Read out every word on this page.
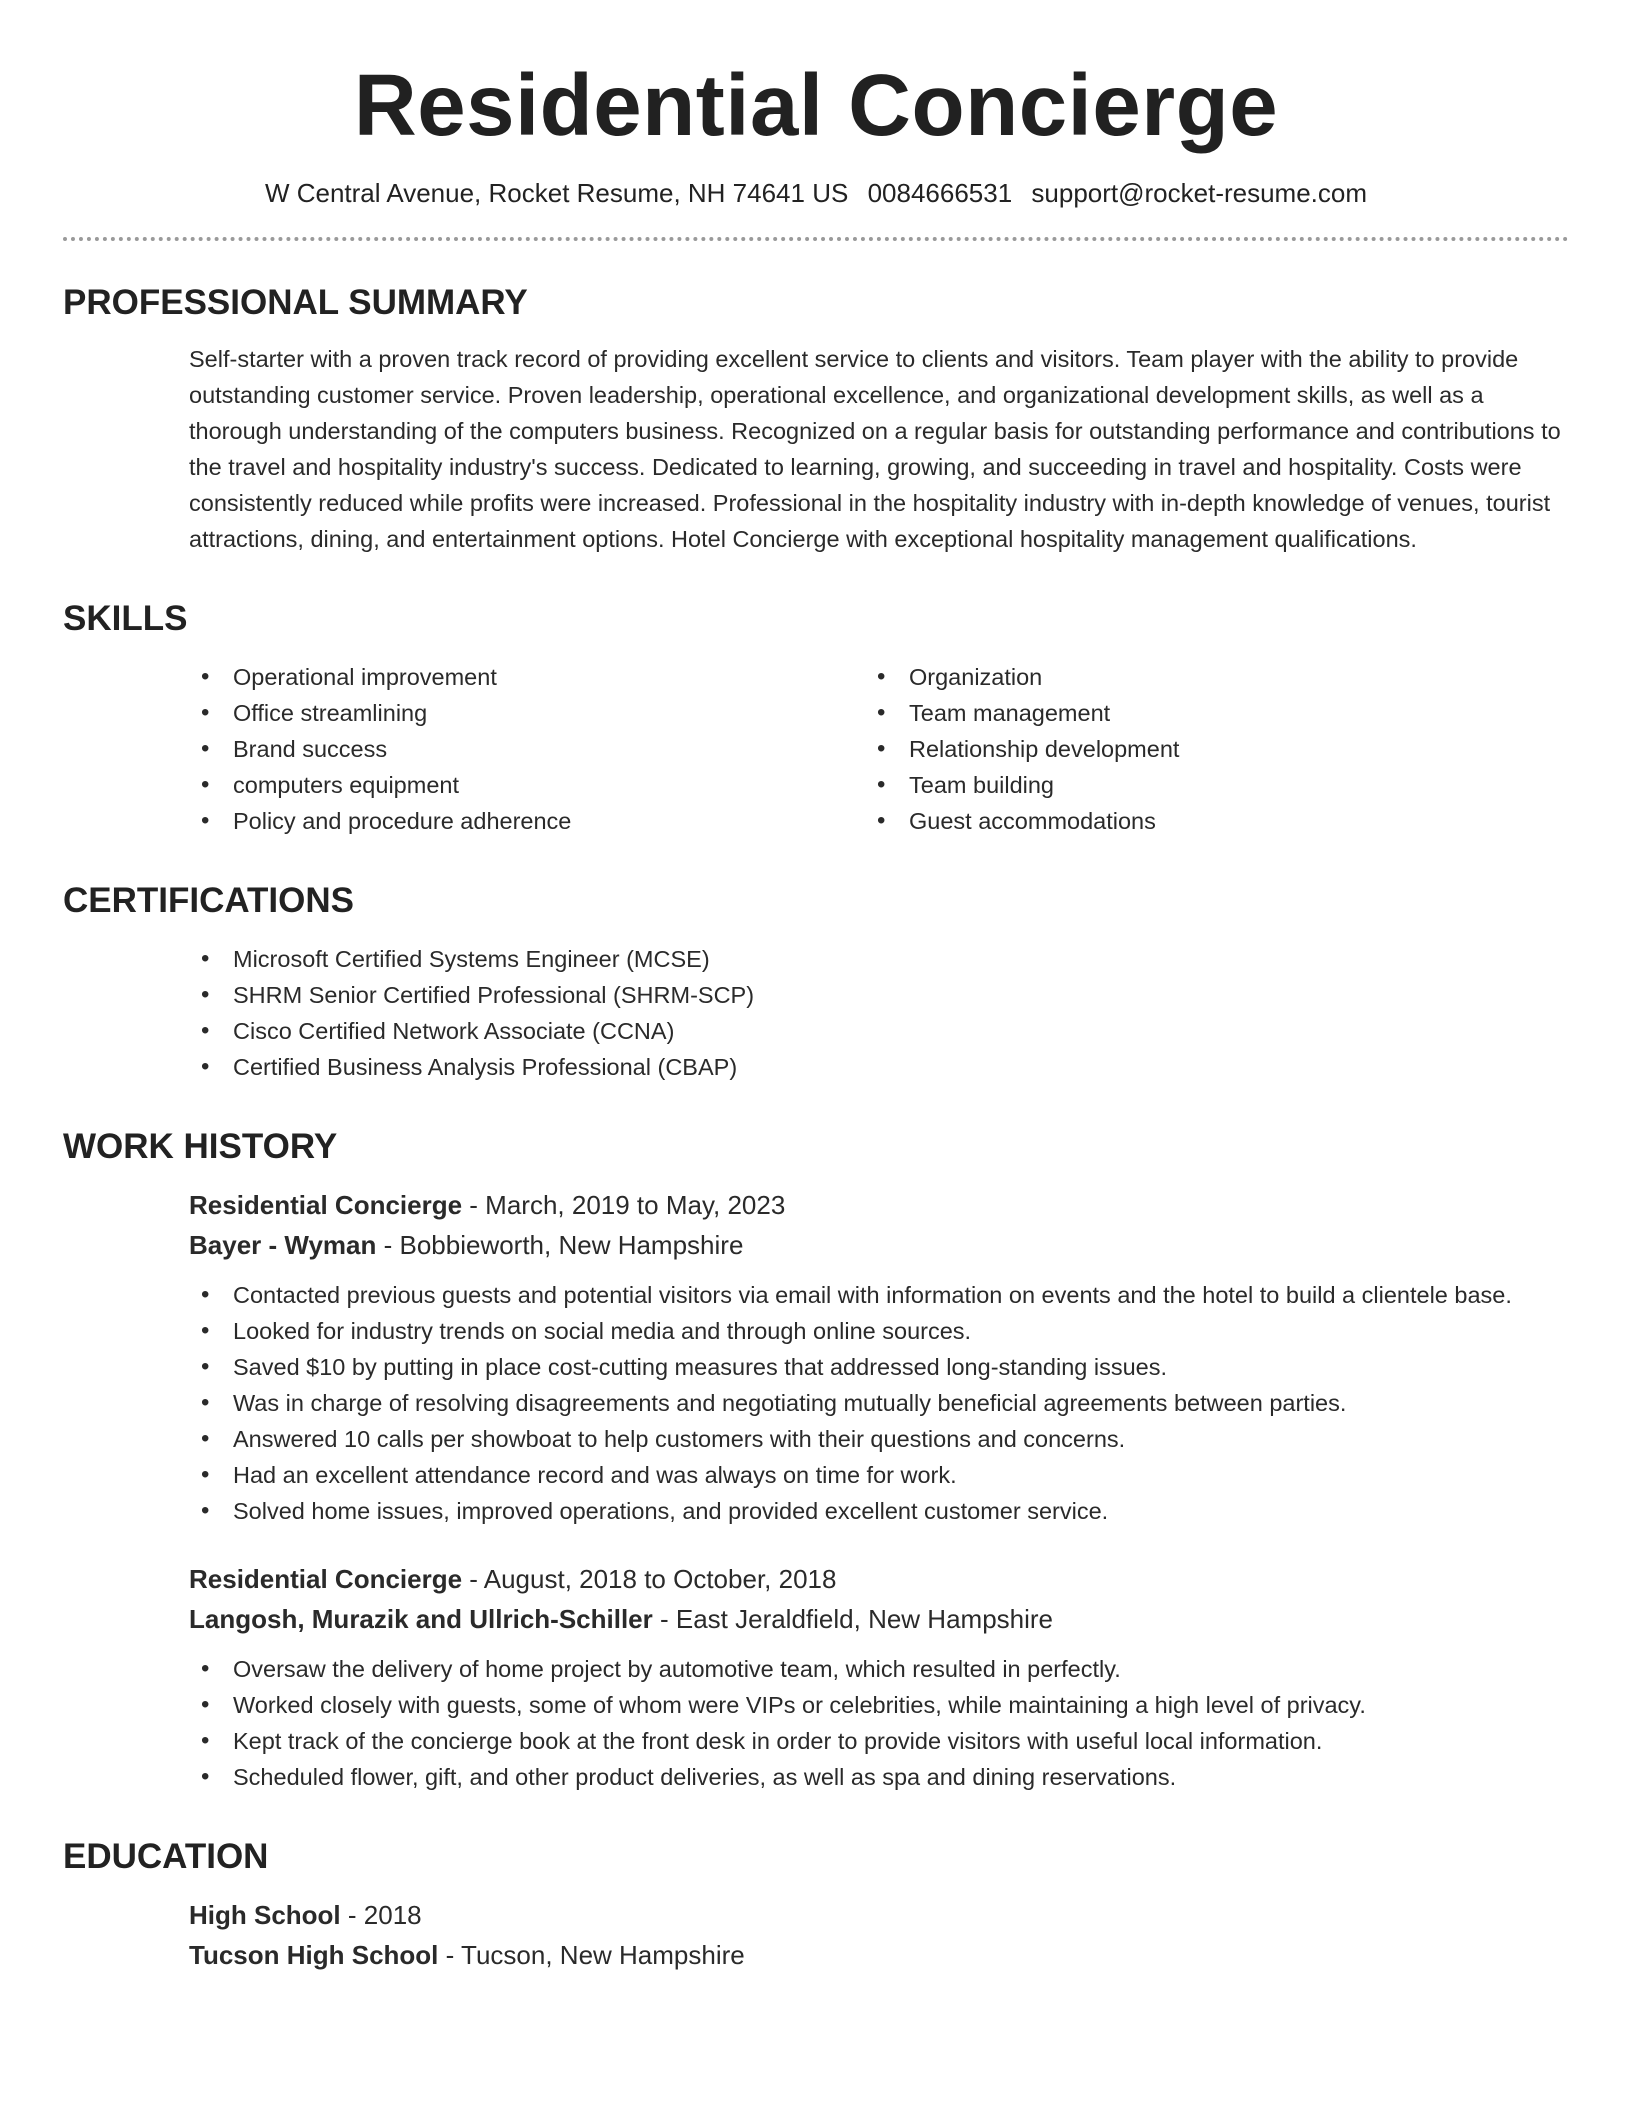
Residential Concierge
W Central Avenue, Rocket Resume, NH 74641 US 0084666531 support@rocket-resume.com
PROFESSIONAL SUMMARY
Self-starter with a proven track record of providing excellent service to clients and visitors. Team player with the ability to provide outstanding customer service. Proven leadership, operational excellence, and organizational development skills, as well as a thorough understanding of the computers business. Recognized on a regular basis for outstanding performance and contributions to the travel and hospitality industry's success. Dedicated to learning, growing, and succeeding in travel and hospitality. Costs were consistently reduced while profits were increased. Professional in the hospitality industry with in-depth knowledge of venues, tourist attractions, dining, and entertainment options. Hotel Concierge with exceptional hospitality management qualifications.
SKILLS
• Operational improvement
• Office streamlining
• Brand success
• computers equipment
• Policy and procedure adherence
• Organization
• Team management
• Relationship development
• Team building
• Guest accommodations
CERTIFICATIONS
• Microsoft Certified Systems Engineer (MCSE)
• SHRM Senior Certified Professional (SHRM-SCP)
• Cisco Certified Network Associate (CCNA)
• Certified Business Analysis Professional (CBAP)
WORK HISTORY
Residential Concierge - March, 2019 to May, 2023
Bayer - Wyman - Bobbieworth, New Hampshire
• Contacted previous guests and potential visitors via email with information on events and the hotel to build a clientele base.
• Looked for industry trends on social media and through online sources.
• Saved $10 by putting in place cost-cutting measures that addressed long-standing issues.
• Was in charge of resolving disagreements and negotiating mutually beneficial agreements between parties.
• Answered 10 calls per showboat to help customers with their questions and concerns.
• Had an excellent attendance record and was always on time for work.
• Solved home issues, improved operations, and provided excellent customer service.
Residential Concierge - August, 2018 to October, 2018
Langosh, Murazik and Ullrich-Schiller - East Jeraldfield, New Hampshire
• Oversaw the delivery of home project by automotive team, which resulted in perfectly.
• Worked closely with guests, some of whom were VIPs or celebrities, while maintaining a high level of privacy.
• Kept track of the concierge book at the front desk in order to provide visitors with useful local information.
• Scheduled flower, gift, and other product deliveries, as well as spa and dining reservations.
EDUCATION
High School - 2018
Tucson High School - Tucson, New Hampshire
